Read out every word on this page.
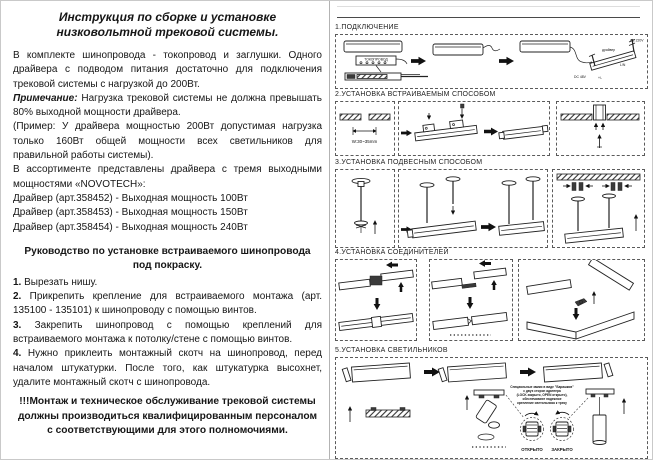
Инструкция по сборке и установке низковольтной трековой системы.

В комплекте шинопровода - токопровод и заглушки. Одного драйвера с подводом питания достаточно для подключения трековой системы с нагрузкой до 200Вт.

Примечание: Нагрузка трековой системы не должна превышать 80% выходной мощности драйвера.

(Пример: У драйвера мощностью 200Вт допустимая нагрузка только 160Вт общей мощности всех светильников для правильной работы системы).

В ассортименте представлены драйвера с тремя выходными мощностями «NOVOTECH»:

Драйвер (арт.358452) - Выходная мощность 100Вт

Драйвер (арт.358453) - Выходная мощность 150Вт

Драйвер (арт.358454) - Выходная мощность 240Вт

Руководство по установке встраиваемого шинопровода под покраску.

1. Вырезать нишу.

2. Прикрепить крепление для встраиваемого монтажа (арт. 135100 - 135101) к шинопроводу с помощью винтов.

3. Закрепить шинопровод с помощью креплений для встраиваемого монтажа к потолку/стене с помощью винтов.

4. Нужно приклеить монтажный скотч на шинопровод, перед началом штукатурки. После того, как штукатурка высохнет, удалите монтажный скотч с шинопровода.

!!!Монтаж и техническое обслуживание трековой системы должны производиться квалифицированным персоналом с соответствующими для этого полномочиями.

1.ПОДКЛЮЧЕНИЕ
ТОКОПРОВОД
DC 48V	+/-
драйвер
L/N
AC 220V
2.УСТАНОВКА ВСТРАИВАЕМЫМ СПОСОБОМ
W:30~35mm
3.УСТАНОВКА ПОДВЕСНЫМ СПОСОБОМ
4.УСТАНОВКА СОЕДИНИТЕЛЕЙ
5.УСТАНОВКА СВЕТИЛЬНИКОВ
Специальные замки в виде "Барашков"
с двух сторон адаптера
(LOCK закрыто, OPEN открыто),
обеспечивают надежное
крепление светильника к треку
ОТКРЫТО ЗАКРЫТО
